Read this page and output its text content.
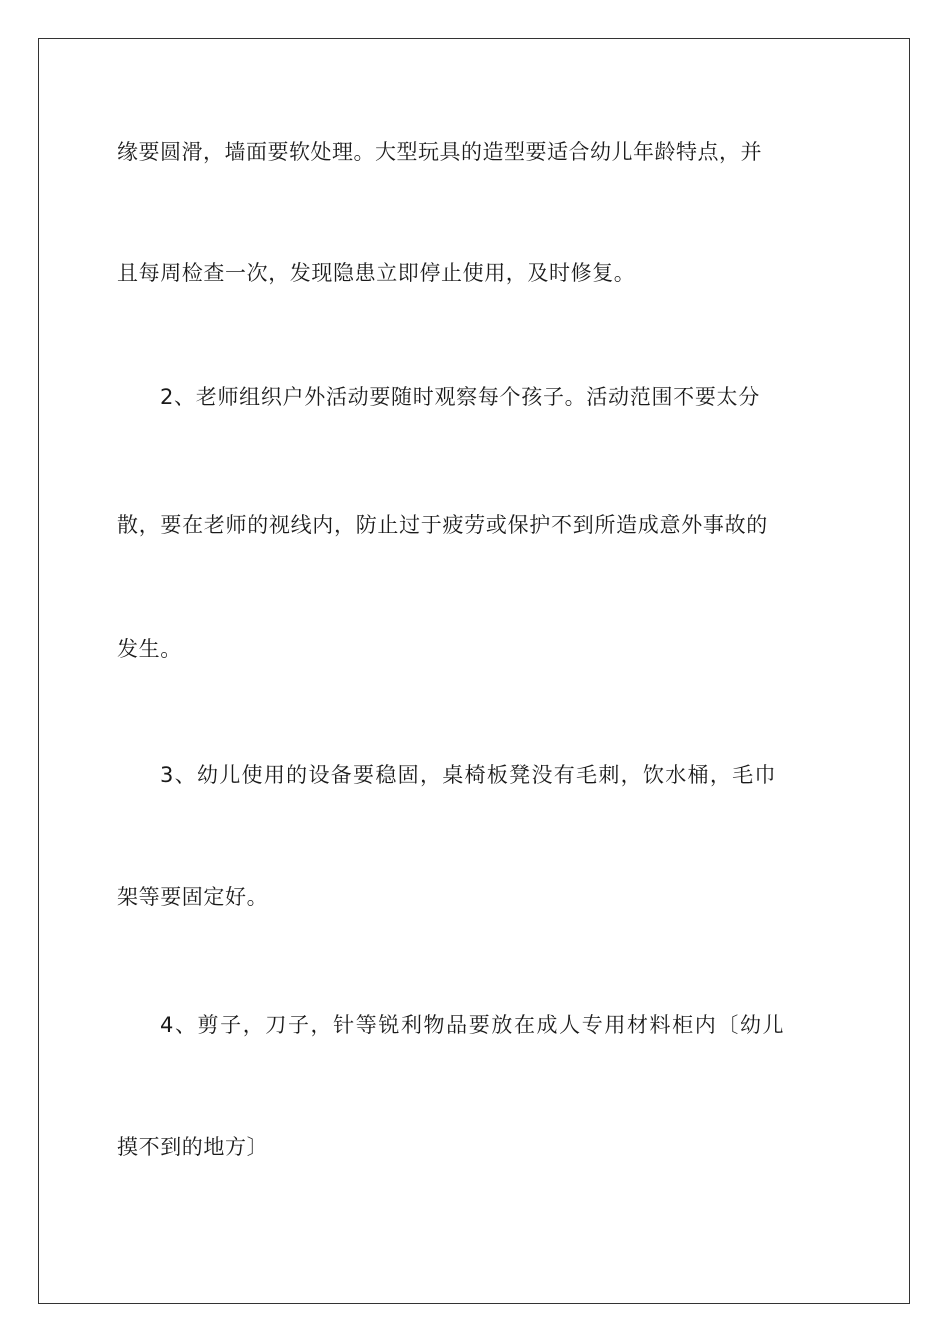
缘要圆滑，墙面要软处理。大型玩具的造型要适合幼儿年龄特点，并
且每周检查一次，发现隐患立即停止使用，及时修复。
2、老师组织户外活动要随时观察每个孩子。活动范围不要太分
散，要在老师的视线内，防止过于疲劳或保护不到所造成意外事故的
发生。
3、幼儿使用的设备要稳固，桌椅板凳没有毛刺，饮水桶，毛巾
架等要固定好。
4、剪子，刀子，针等锐利物品要放在成人专用材料柜内〔幼儿
摸不到的地方〕
